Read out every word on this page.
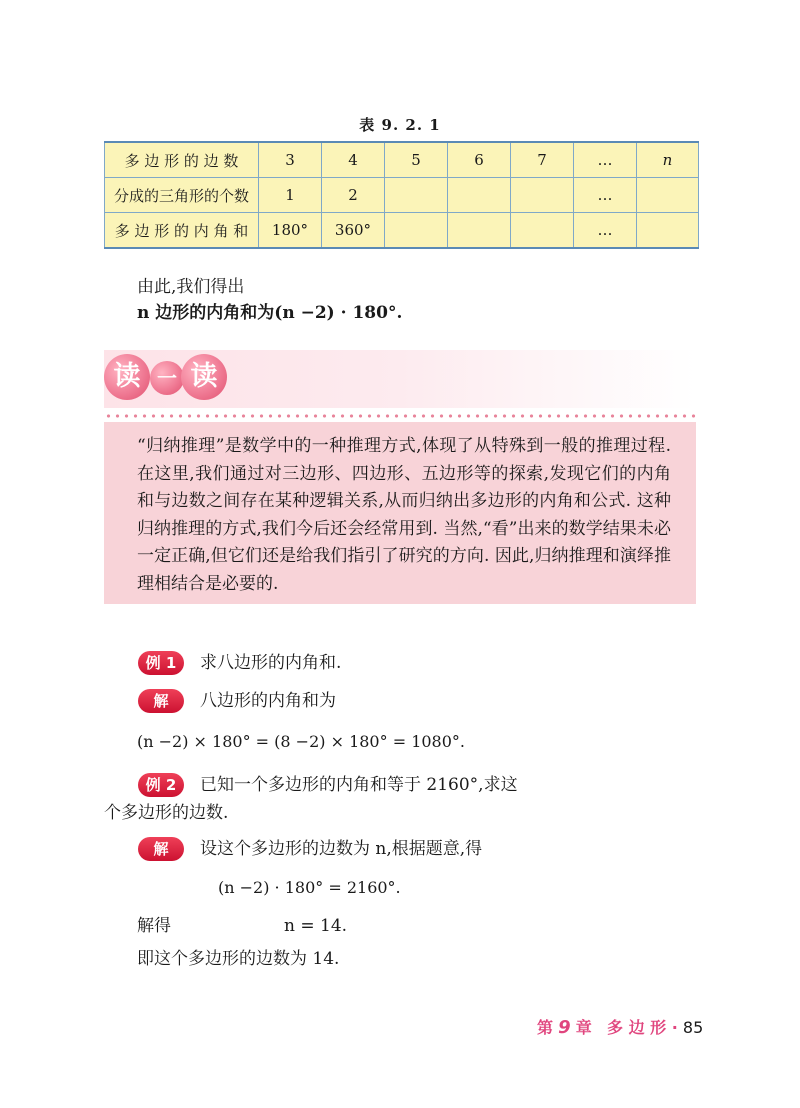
表 9. 2. 1
多 边 形 的 边 数	3	4	5	6	7	…	n
分成的三角形的个数	1	2				…	
多 边 形 的 内 角 和	180°	360°				…	
由此,我们得出
n 边形的内角和为(n −2) · 180°.
读 一 读
“归纳推理”是数学中的一种推理方式,体现了从特殊到一般的推理过程. 在这里,我们通过对三边形、四边形、五边形等的探索,发现它们的内角和与边数之间存在某种逻辑关系,从而归纳出多边形的内角和公式. 这种归纳推理的方式,我们今后还会经常用到. 当然,“看”出来的数学结果未必一定正确,但它们还是给我们指引了研究的方向. 因此,归纳推理和演绎推理相结合是必要的.
例 1	求八边形的内角和.
解	八边形的内角和为
(n −2) × 180° = (8 −2) × 180° = 1080°.
例 2	已知一个多边形的内角和等于 2160°,求这
个多边形的边数.
解	设这个多边形的边数为 n,根据题意,得
(n −2) · 180° = 2160°.
解得	n = 14.
即这个多边形的边数为 14.
第 9 章 多 边 形 · 85
